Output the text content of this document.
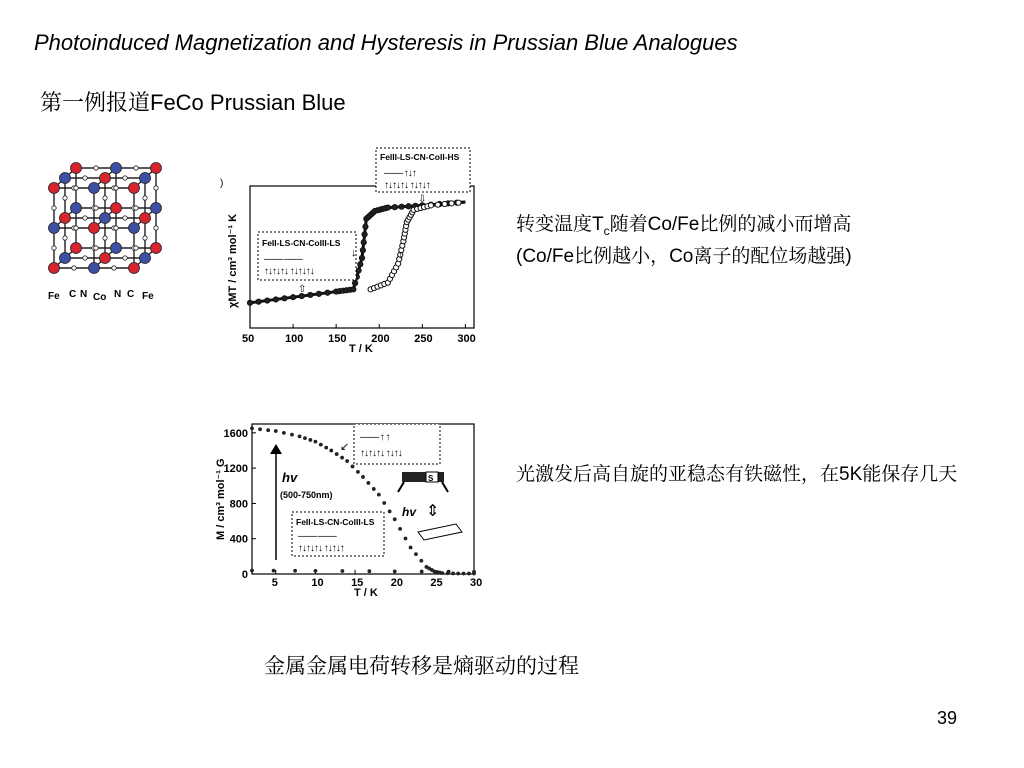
Photoinduced Magnetization and Hysteresis in Prussian Blue Analogues
第一例报道FeCo Prussian Blue
Fe C N Co N C Fe
)
χMT / cm³ mol⁻¹ K
50	100 150 200 250 300
T / K
FeIII-LS-CN-CoII-HS
—— ↑↓↑
↑↓↑↓↑↓ ↑↓↑↓↑
⇩
FeII-LS-CN-CoIII-LS
—— ——
↑↓↑↓↑↓ ↑↓↑↓↑↓
⇧
↓	↑
M / cm³ mol⁻¹ G
1600
1200
800
400
0
5	10 15 20 25 30
T / K
hv
(500-750nm)
FeII-LS-CN-CoIII-LS
—— ——
↑↓↑↓↑↓ ↑↓↑↓↑
—— ↑ ↑
↑↓↑↓↑↓ ↑↓↑↓
S
hv ⇕
↙
转变温度$T_c$随着Co/Fe比例的减小而增高
(Co/Fe比例越小，Co离子的配位场越强)
光激发后高自旋的亚稳态有铁磁性，在5K能保存几天
金属金属电荷转移是熵驱动的过程
39
